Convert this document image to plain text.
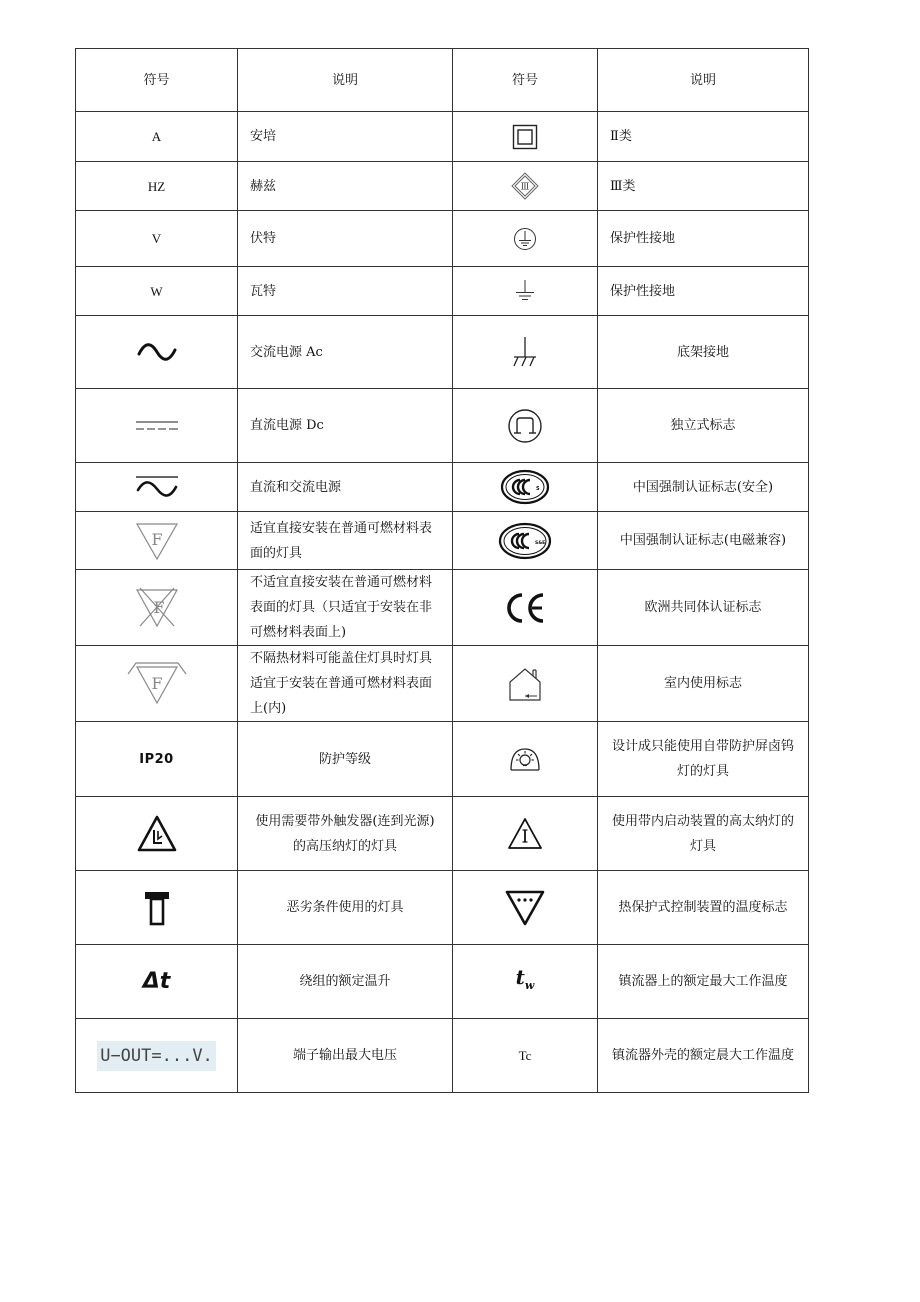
符号	说明	符号	说明
A	安培		Ⅱ类
HZ	赫兹	Ⅲ	Ⅲ类
V	伏特		保护性接地
W	瓦特		保护性接地
	交流电源 Ac		底架接地
	直流电源 Dc		独立式标志
	直流和交流电源	S	中国强制认证标志(安全)

F	适宜直接安装在普通可燃材料表面的灯具	S&E	中国强制认证标志(电磁兼容)

F	不适宜直接安装在普通可燃材料表面的灯具（只适宜于安装在非可燃材料表面上)		欧洲共同体认证标志

F	不隔热材料可能盖住灯具时灯具适宜于安装在普通可燃材料表面上(内)		室内使用标志
IP20	防护等级		设计成只能使用自带防护屏卤钨灯的灯具
	使用需要带外触发器(连到光源)的高压纳灯的灯具		使用带内启动装置的高太纳灯的灯具
	恶劣条件使用的灯具		热保护式控制装置的温度标志
Δt	绕组的额定温升	$t_w$	镇流器上的额定最大工作温度
U−OUT=...V.	端子输出最大电压	Tc	镇流器外壳的额定晨大工作温度
